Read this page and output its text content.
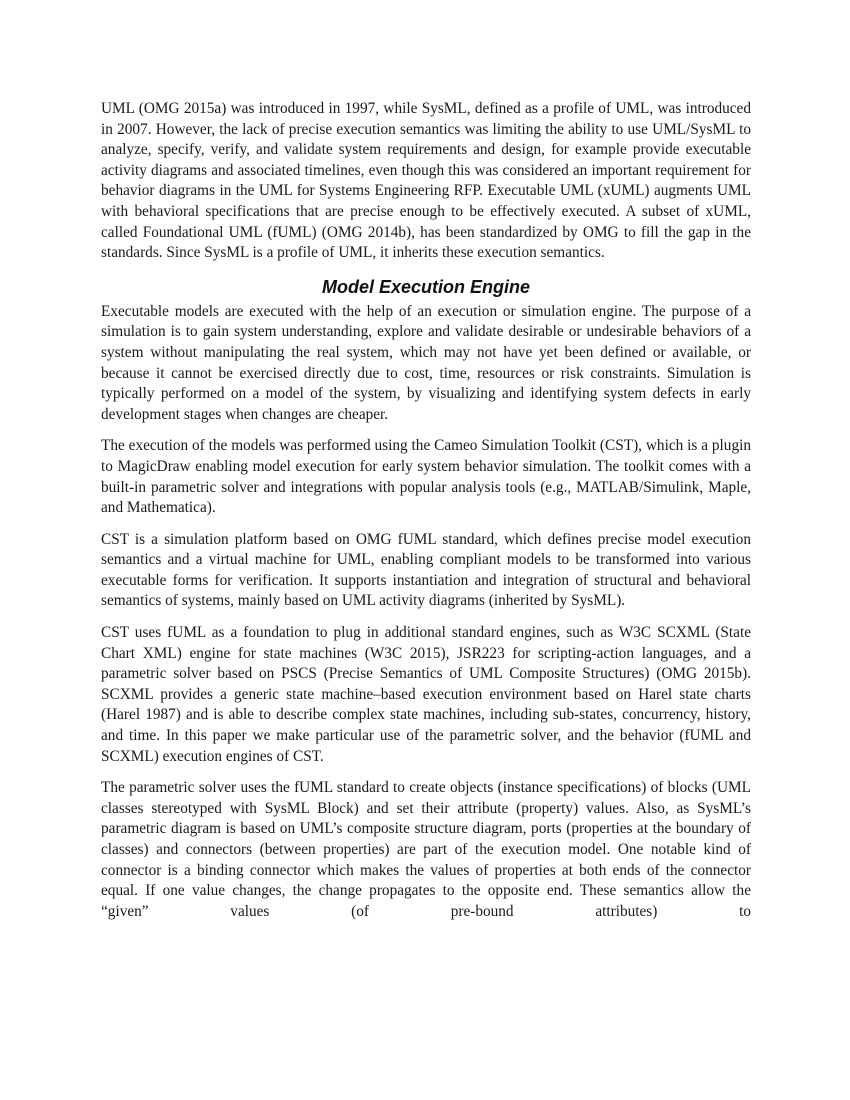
UML (OMG 2015a) was introduced in 1997, while SysML, defined as a profile of UML, was introduced in 2007. However, the lack of precise execution semantics was limiting the ability to use UML/SysML to analyze, specify, verify, and validate system requirements and design, for example provide executable activity diagrams and associated timelines, even though this was considered an important requirement for behavior diagrams in the UML for Systems Engineering RFP. Executable UML (xUML) augments UML with behavioral specifications that are precise enough to be effectively executed. A subset of xUML, called Foundational UML (fUML) (OMG 2014b), has been standardized by OMG to fill the gap in the standards. Since SysML is a profile of UML, it inherits these execution semantics.

Model Execution Engine

Executable models are executed with the help of an execution or simulation engine. The purpose of a simulation is to gain system understanding, explore and validate desirable or undesirable behaviors of a system without manipulating the real system, which may not have yet been defined or available, or because it cannot be exercised directly due to cost, time, resources or risk constraints. Simulation is typically performed on a model of the system, by visualizing and identifying system defects in early development stages when changes are cheaper.

The execution of the models was performed using the Cameo Simulation Toolkit (CST), which is a plugin to MagicDraw enabling model execution for early system behavior simulation. The toolkit comes with a built-in parametric solver and integrations with popular analysis tools (e.g., MATLAB/Simulink, Maple, and Mathematica).

CST is a simulation platform based on OMG fUML standard, which defines precise model execution semantics and a virtual machine for UML, enabling compliant models to be transformed into various executable forms for verification. It supports instantiation and integration of structural and behavioral semantics of systems, mainly based on UML activity diagrams (inherited by SysML).

CST uses fUML as a foundation to plug in additional standard engines, such as W3C SCXML (State Chart XML) engine for state machines (W3C 2015), JSR223 for scripting-action languages, and a parametric solver based on PSCS (Precise Semantics of UML Composite Structures) (OMG 2015b). SCXML provides a generic state machine–based execution environment based on Harel state charts (Harel 1987) and is able to describe complex state machines, including sub-states, concurrency, history, and time. In this paper we make particular use of the parametric solver, and the behavior (fUML and SCXML) execution engines of CST.

The parametric solver uses the fUML standard to create objects (instance specifications) of blocks (UML classes stereotyped with SysML Block) and set their attribute (property) values. Also, as SysML’s parametric diagram is based on UML’s composite structure diagram, ports (properties at the boundary of classes) and connectors (between properties) are part of the execution model. One notable kind of connector is a binding connector which makes the values of properties at both ends of the connector equal. If one value changes, the change propagates to the opposite end. These semantics allow the “given” values (of pre-bound attributes) to
